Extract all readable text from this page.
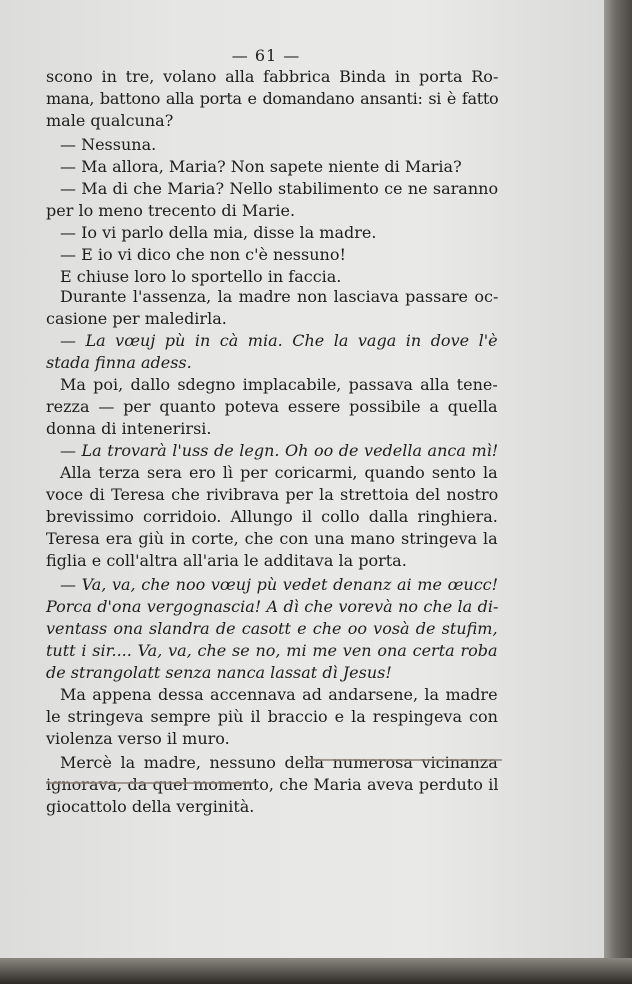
— 61 —
scono in tre, volano alla fabbrica Binda in porta Ro-
mana, battono alla porta e domandano ansanti: si è fatto
male qualcuna?
— Nessuna.
— Ma allora, Maria? Non sapete niente di Maria?
— Ma di che Maria? Nello stabilimento ce ne saranno
per lo meno trecento di Marie.
— Io vi parlo della mia, disse la madre.
— E io vi dico che non c'è nessuno!
E chiuse loro lo sportello in faccia.
Durante l'assenza, la madre non lasciava passare oc-
casione per maledirla.
— La vœuj pù in cà mia. Che la vaga in dove l'è
stada finna adess.
Ma poi, dallo sdegno implacabile, passava alla tene-
rezza — per quanto poteva essere possibile a quella
donna di intenerirsi.
— La trovarà l'uss de legn. Oh oo de vedella anca mì!
Alla terza sera ero lì per coricarmi, quando sento la
voce di Teresa che rivibrava per la strettoia del nostro
brevissimo corridoio. Allungo il collo dalla ringhiera.
Teresa era giù in corte, che con una mano stringeva la
figlia e coll'altra all'aria le additava la porta.
— Va, va, che noo vœuj pù vedet denanz ai me œucc!
Porca d'ona vergognascia! A dì che vorevà no che la di-
ventass ona slandra de casott e che oo vosà de stufim,
tutt i sir.... Va, va, che se no, mi me ven ona certa roba
de strangolatt senza nanca lassat dì Jesus!
Ma appena dessa accennava ad andarsene, la madre
le stringeva sempre più il braccio e la respingeva con
violenza verso il muro.
Mercè la madre, nessuno della numerosa vicinanza
ignorava, da quel momento, che Maria aveva perduto il
giocattolo della verginità.
